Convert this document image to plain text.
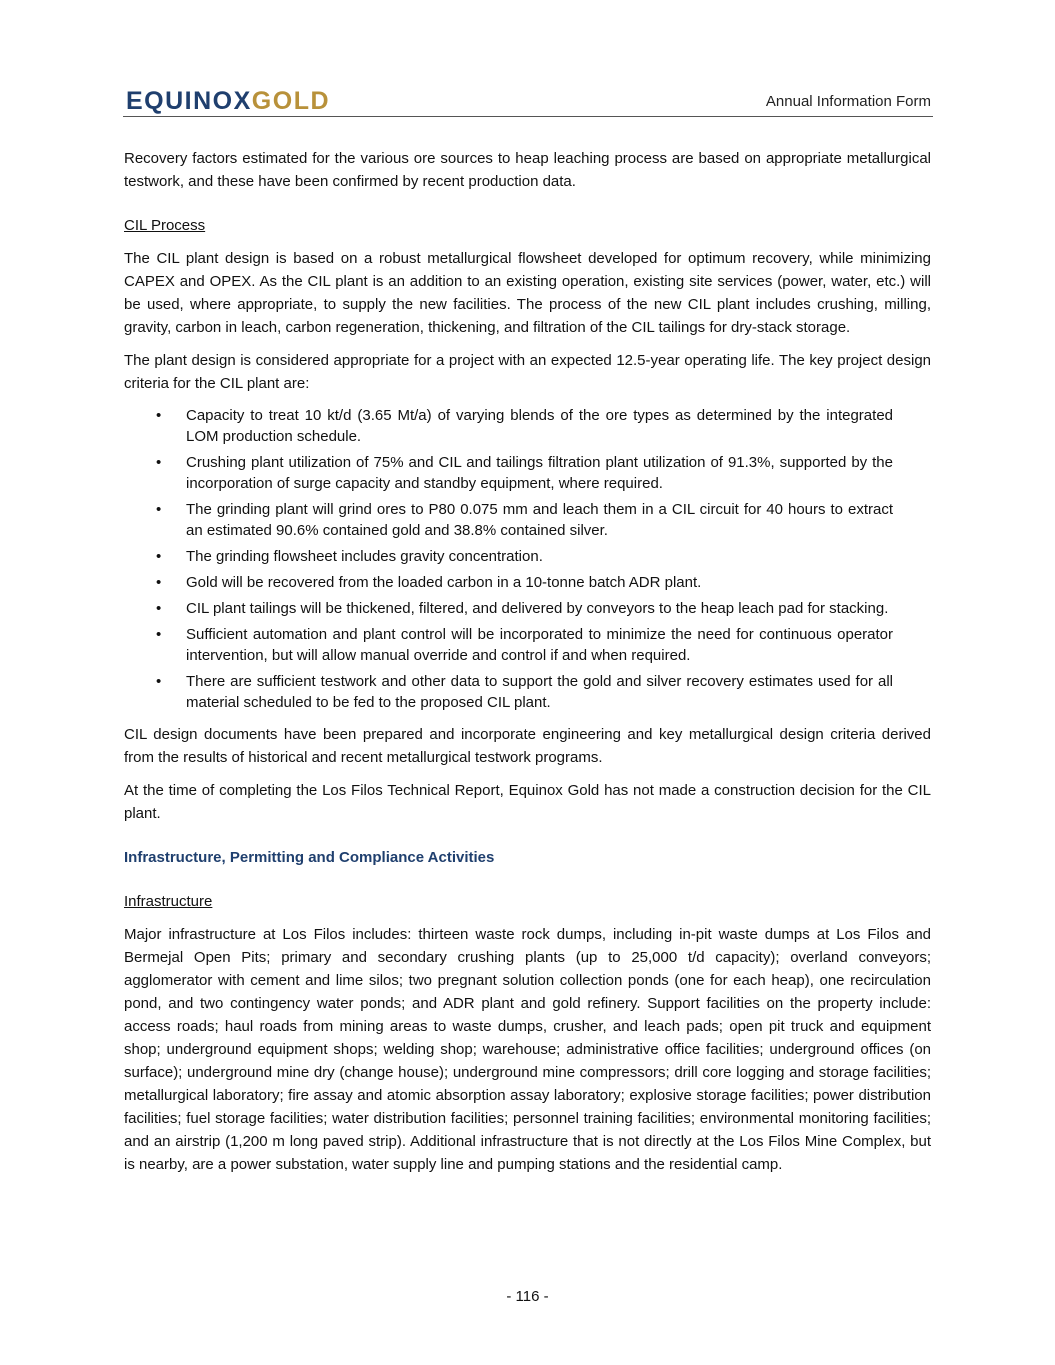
EQUINOXGOLD	Annual Information Form

Recovery factors estimated for the various ore sources to heap leaching process are based on appropriate metallurgical testwork, and these have been confirmed by recent production data.

CIL Process

The CIL plant design is based on a robust metallurgical flowsheet developed for optimum recovery, while minimizing CAPEX and OPEX. As the CIL plant is an addition to an existing operation, existing site services (power, water, etc.) will be used, where appropriate, to supply the new facilities. The process of the new CIL plant includes crushing, milling, gravity, carbon in leach, carbon regeneration, thickening, and filtration of the CIL tailings for dry-stack storage.

The plant design is considered appropriate for a project with an expected 12.5-year operating life. The key project design criteria for the CIL plant are:

• Capacity to treat 10 kt/d (3.65 Mt/a) of varying blends of the ore types as determined by the integrated LOM production schedule.
• Crushing plant utilization of 75% and CIL and tailings filtration plant utilization of 91.3%, supported by the incorporation of surge capacity and standby equipment, where required.
• The grinding plant will grind ores to P80 0.075 mm and leach them in a CIL circuit for 40 hours to extract an estimated 90.6% contained gold and 38.8% contained silver.
• The grinding flowsheet includes gravity concentration.
• Gold will be recovered from the loaded carbon in a 10-tonne batch ADR plant.
• CIL plant tailings will be thickened, filtered, and delivered by conveyors to the heap leach pad for stacking.
• Sufficient automation and plant control will be incorporated to minimize the need for continuous operator intervention, but will allow manual override and control if and when required.
• There are sufficient testwork and other data to support the gold and silver recovery estimates used for all material scheduled to be fed to the proposed CIL plant.

CIL design documents have been prepared and incorporate engineering and key metallurgical design criteria derived from the results of historical and recent metallurgical testwork programs.

At the time of completing the Los Filos Technical Report, Equinox Gold has not made a construction decision for the CIL plant.

Infrastructure, Permitting and Compliance Activities

Infrastructure

Major infrastructure at Los Filos includes: thirteen waste rock dumps, including in-pit waste dumps at Los Filos and Bermejal Open Pits; primary and secondary crushing plants (up to 25,000 t/d capacity); overland conveyors; agglomerator with cement and lime silos; two pregnant solution collection ponds (one for each heap), one recirculation pond, and two contingency water ponds; and ADR plant and gold refinery. Support facilities on the property include: access roads; haul roads from mining areas to waste dumps, crusher, and leach pads; open pit truck and equipment shop; underground equipment shops; welding shop; warehouse; administrative office facilities; underground offices (on surface); underground mine dry (change house); underground mine compressors; drill core logging and storage facilities; metallurgical laboratory; fire assay and atomic absorption assay laboratory; explosive storage facilities; power distribution facilities; fuel storage facilities; water distribution facilities; personnel training facilities; environmental monitoring facilities; and an airstrip (1,200 m long paved strip). Additional infrastructure that is not directly at the Los Filos Mine Complex, but is nearby, are a power substation, water supply line and pumping stations and the residential camp.

- 116 -
